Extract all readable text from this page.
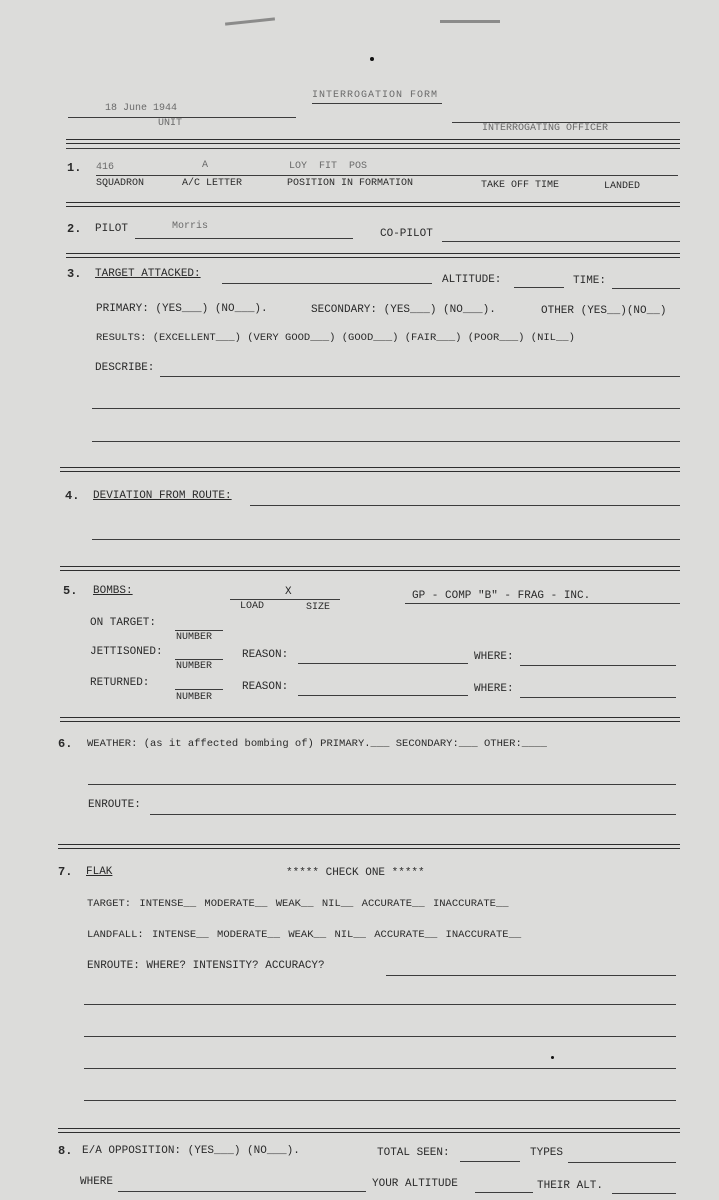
INTERROGATION FORM
18 June 1944
UNIT	INTERROGATING OFFICER
1. 416	A	LOY FIT POS
SQUADRON	A/C LETTER	POSITION IN FORMATION	TAKE OFF TIME	LANDED
2. PILOT	Morris
CO-PILOT
3. TARGET ATTACKED:	ALTITUDE:	TIME:
PRIMARY: (YES___) (NO___).	SECONDARY: (YES___) (NO___).	OTHER (YES__)(NO__)
RESULTS: (EXCELLENT___) (VERY GOOD___) (GOOD___) (FAIR___) (POOR___) (NIL__)
DESCRIBE:
4. DEVIATION FROM ROUTE:
5. BOMBS:	X
LOAD	SIZE
GP - COMP "B" - FRAG - INC.
ON TARGET:
NUMBER
JETTISONED:
NUMBER
REASON:	WHERE:
RETURNED:
NUMBER
REASON:	WHERE:
6. WEATHER: (as it affected bombing of) PRIMARY.___ SECONDARY:___ OTHER:____
ENROUTE:
7. FLAK	***** CHECK ONE *****
TARGET: INTENSE__ MODERATE__ WEAK__ NIL__ ACCURATE__ INACCURATE__
LANDFALL: INTENSE__ MODERATE__ WEAK__ NIL__ ACCURATE__ INACCURATE__
ENROUTE: WHERE? INTENSITY? ACCURACY?
8. E/A OPPOSITION: (YES___) (NO___).	TOTAL SEEN:	TYPES
WHERE	YOUR ALTITUDE	THEIR ALT.
